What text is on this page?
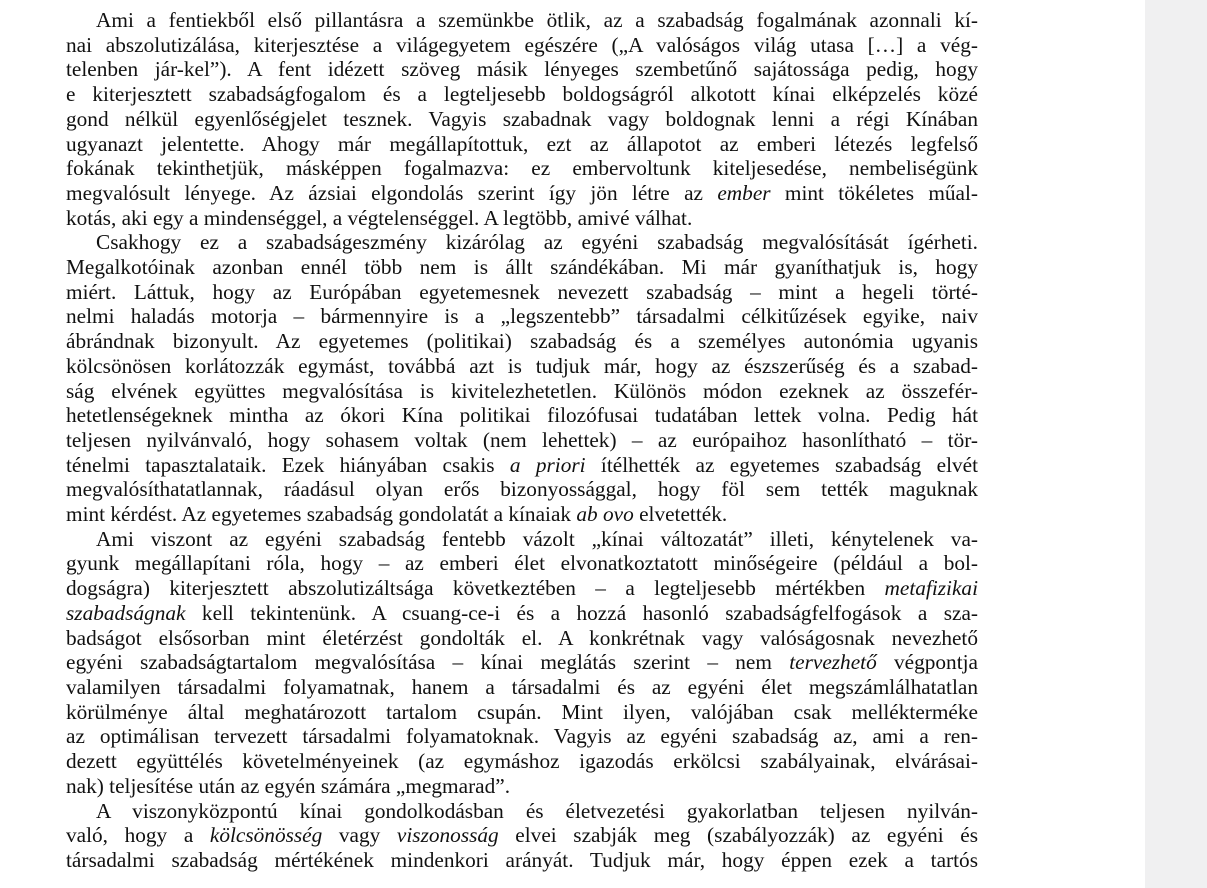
Ami a fentiekből első pillantásra a szemünkbe ötlik, az a szabadság fogalmának azonnali kí-
nai abszolutizálása, kiterjesztése a világegyetem egészére („A valóságos világ utasa […] a vég-
telenben jár-kel”). A fent idézett szöveg másik lényeges szembetűnő sajátossága pedig, hogy
e kiterjesztett szabadságfogalom és a legteljesebb boldogságról alkotott kínai elképzelés közé
gond nélkül egyenlőségjelet tesznek. Vagyis szabadnak vagy boldognak lenni a régi Kínában
ugyanazt jelentette. Ahogy már megállapítottuk, ezt az állapotot az emberi létezés legfelső
fokának tekinthetjük, másképpen fogalmazva: ez embervoltunk kiteljesedése, nembeliségünk
megvalósult lényege. Az ázsiai elgondolás szerint így jön létre az ember mint tökéletes műal-
kotás, aki egy a mindenséggel, a végtelenséggel. A legtöbb, amivé válhat.

Csakhogy ez a szabadságeszmény kizárólag az egyéni szabadság megvalósítását ígérheti.
Megalkotóinak azonban ennél több nem is állt szándékában. Mi már gyaníthatjuk is, hogy
miért. Láttuk, hogy az Európában egyetemesnek nevezett szabadság – mint a hegeli törté-
nelmi haladás motorja – bármennyire is a „legszentebb” társadalmi célkitűzések egyike, naiv
ábrándnak bizonyult. Az egyetemes (politikai) szabadság és a személyes autonómia ugyanis
kölcsönösen korlátozzák egymást, továbbá azt is tudjuk már, hogy az észszerűség és a szabad-
ság elvének együttes megvalósítása is kivitelezhetetlen. Különös módon ezeknek az összefér-
hetetlenségeknek mintha az ókori Kína politikai filozófusai tudatában lettek volna. Pedig hát
teljesen nyilvánvaló, hogy sohasem voltak (nem lehettek) – az európaihoz hasonlítható – tör-
ténelmi tapasztalataik. Ezek hiányában csakis a priori ítélhették az egyetemes szabadság elvét
megvalósíthatatlannak, ráadásul olyan erős bizonyossággal, hogy föl sem tették maguknak
mint kérdést. Az egyetemes szabadság gondolatát a kínaiak ab ovo elvetették.

Ami viszont az egyéni szabadság fentebb vázolt „kínai változatát” illeti, kénytelenek va-
gyunk megállapítani róla, hogy – az emberi élet elvonatkoztatott minőségeire (például a bol-
dogságra) kiterjesztett abszolutizáltsága következtében – a legteljesebb mértékben metafizikai
szabadságnak kell tekintenünk. A csuang-ce-i és a hozzá hasonló szabadságfelfogások a sza-
badságot elsősorban mint életérzést gondolták el. A konkrétnak vagy valóságosnak nevezhető
egyéni szabadságtartalom megvalósítása – kínai meglátás szerint – nem tervezhető végpontja
valamilyen társadalmi folyamatnak, hanem a társadalmi és az egyéni élet megszámlálhatatlan
körülménye által meghatározott tartalom csupán. Mint ilyen, valójában csak mellékterméke
az optimálisan tervezett társadalmi folyamatoknak. Vagyis az egyéni szabadság az, ami a ren-
dezett együttélés követelményeinek (az egymáshoz igazodás erkölcsi szabályainak, elvárásai-
nak) teljesítése után az egyén számára „megmarad”.

A viszonyközpontú kínai gondolkodásban és életvezetési gyakorlatban teljesen nyilván-
való, hogy a kölcsönösség vagy viszonosság elvei szabják meg (szabályozzák) az egyéni és
társadalmi szabadság mértékének mindenkori arányát. Tudjuk már, hogy éppen ezek a tartós
